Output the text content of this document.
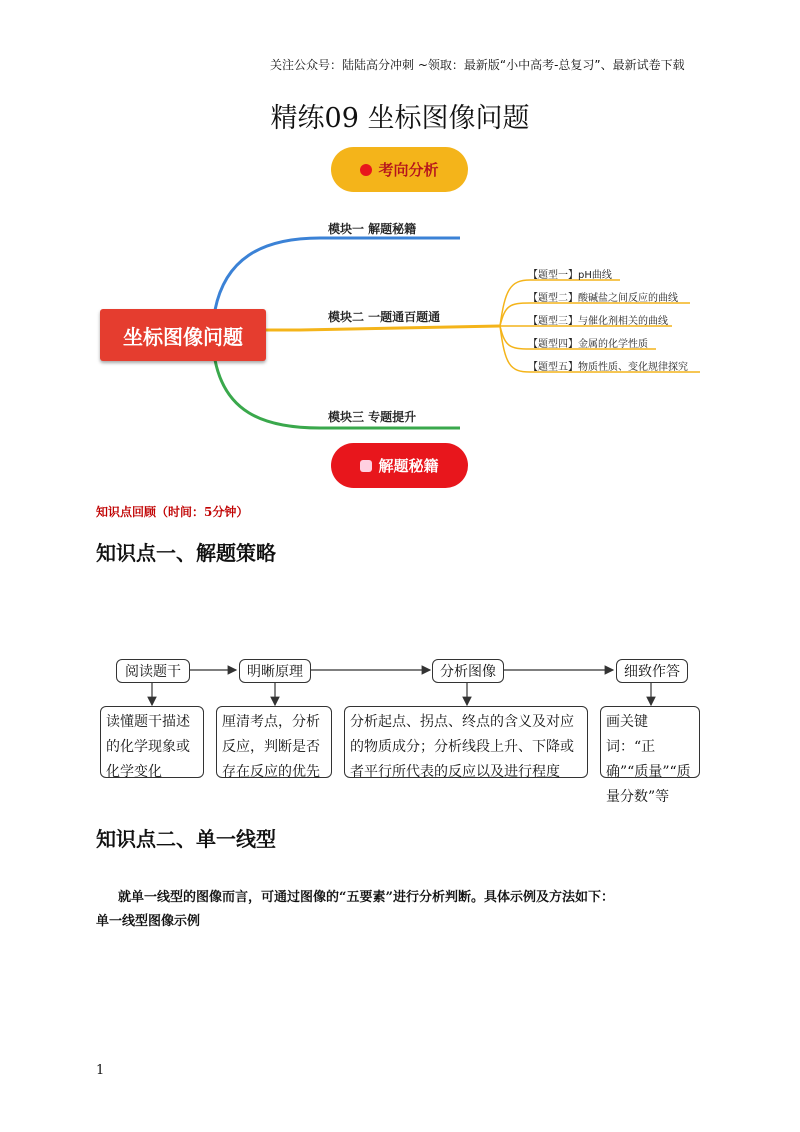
关注公众号：陆陆高分冲刺 ~领取：最新版“小中高考-总复习”、最新试卷下载
精练09 坐标图像问题
考向分析
坐标图像问题
模块一 解题秘籍
模块二 一题通百题通
模块三 专题提升
【题型一】pH曲线
【题型二】酸碱盐之间反应的曲线
【题型三】与催化剂相关的曲线
【题型四】金属的化学性质
【题型五】物质性质、变化规律探究
解题秘籍
知识点回顾（时间：5分钟）
知识点一、解题策略
阅读题干	明晰原理	分析图像	细致作答
读懂题干描述的化学现象或化学变化
厘清考点，分析反应，判断是否存在反应的优先
分析起点、拐点、终点的含义及对应的物质成分；分析线段上升、下降或者平行所代表的反应以及进行程度
画关键词：“正确”“质量”“质量分数”等
知识点二、单一线型
就单一线型的图像而言，可通过图像的“五要素”进行分析判断。具体示例及方法如下：
单一线型图像示例
1
